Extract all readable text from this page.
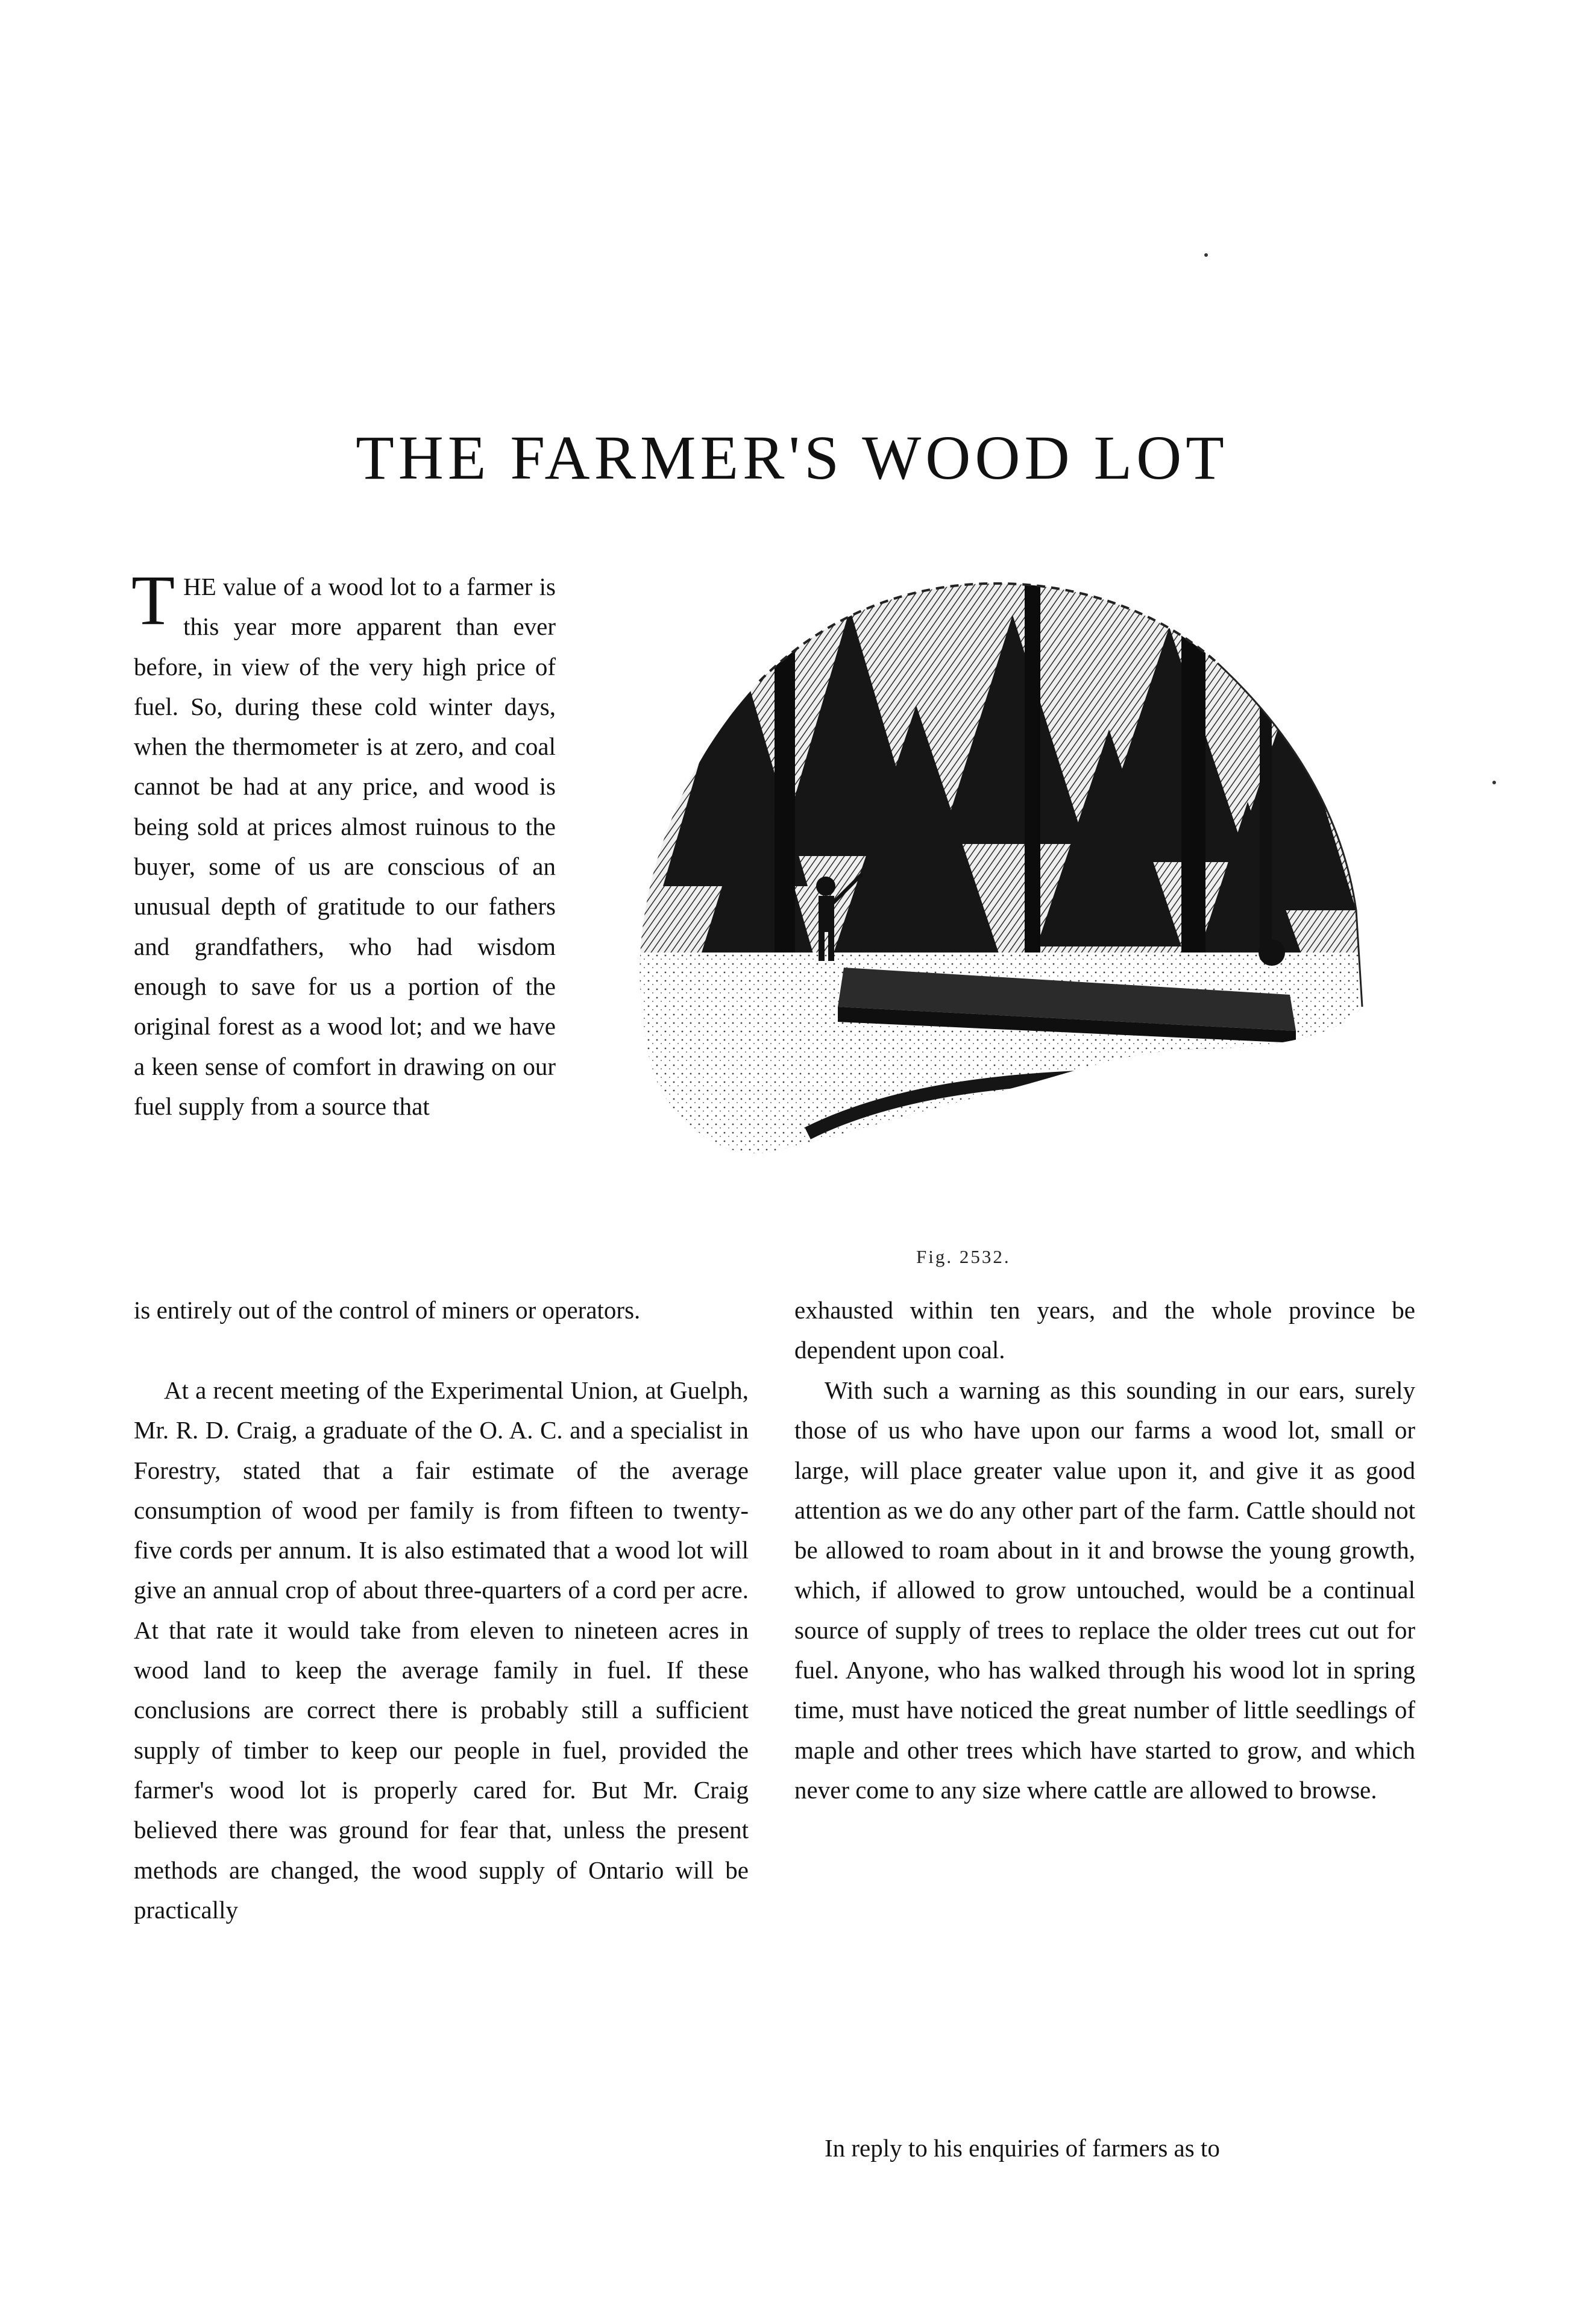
THE FARMER'S WOOD LOT

THE value of a wood lot to a farmer is this year more apparent than ever before, in view of the very high price of fuel. So, during these cold winter days, when the thermometer is at zero, and coal cannot be had at any price, and wood is being sold at prices almost ruinous to the buyer, some of us are conscious of an unusual depth of gratitude to our fathers and grandfathers, who had wisdom enough to save for us a portion of the original forest as a wood lot; and we have a keen sense of comfort in drawing on our fuel supply from a source that

Fig. 2532.

is entirely out of the control of miners or operators.

At a recent meeting of the Experimental Union, at Guelph, Mr. R. D. Craig, a graduate of the O. A. C. and a specialist in Forestry, stated that a fair estimate of the average consumption of wood per family is from fifteen to twenty-five cords per annum. It is also estimated that a wood lot will give an annual crop of about three-quarters of a cord per acre. At that rate it would take from eleven to nineteen acres in wood land to keep the average family in fuel. If these conclusions are correct there is probably still a sufficient supply of timber to keep our people in fuel, provided the farmer's wood lot is properly cared for. But Mr. Craig believed there was ground for fear that, unless the present methods are changed, the wood supply of Ontario will be practically

exhausted within ten years, and the whole province be dependent upon coal.

With such a warning as this sounding in our ears, surely those of us who have upon our farms a wood lot, small or large, will place greater value upon it, and give it as good attention as we do any other part of the farm. Cattle should not be allowed to roam about in it and browse the young growth, which, if allowed to grow untouched, would be a continual source of supply of trees to replace the older trees cut out for fuel. Anyone, who has walked through his wood lot in spring time, must have noticed the great number of little seedlings of maple and other trees which have started to grow, and which never come to any size where cattle are allowed to browse.

In reply to his enquiries of farmers as to
